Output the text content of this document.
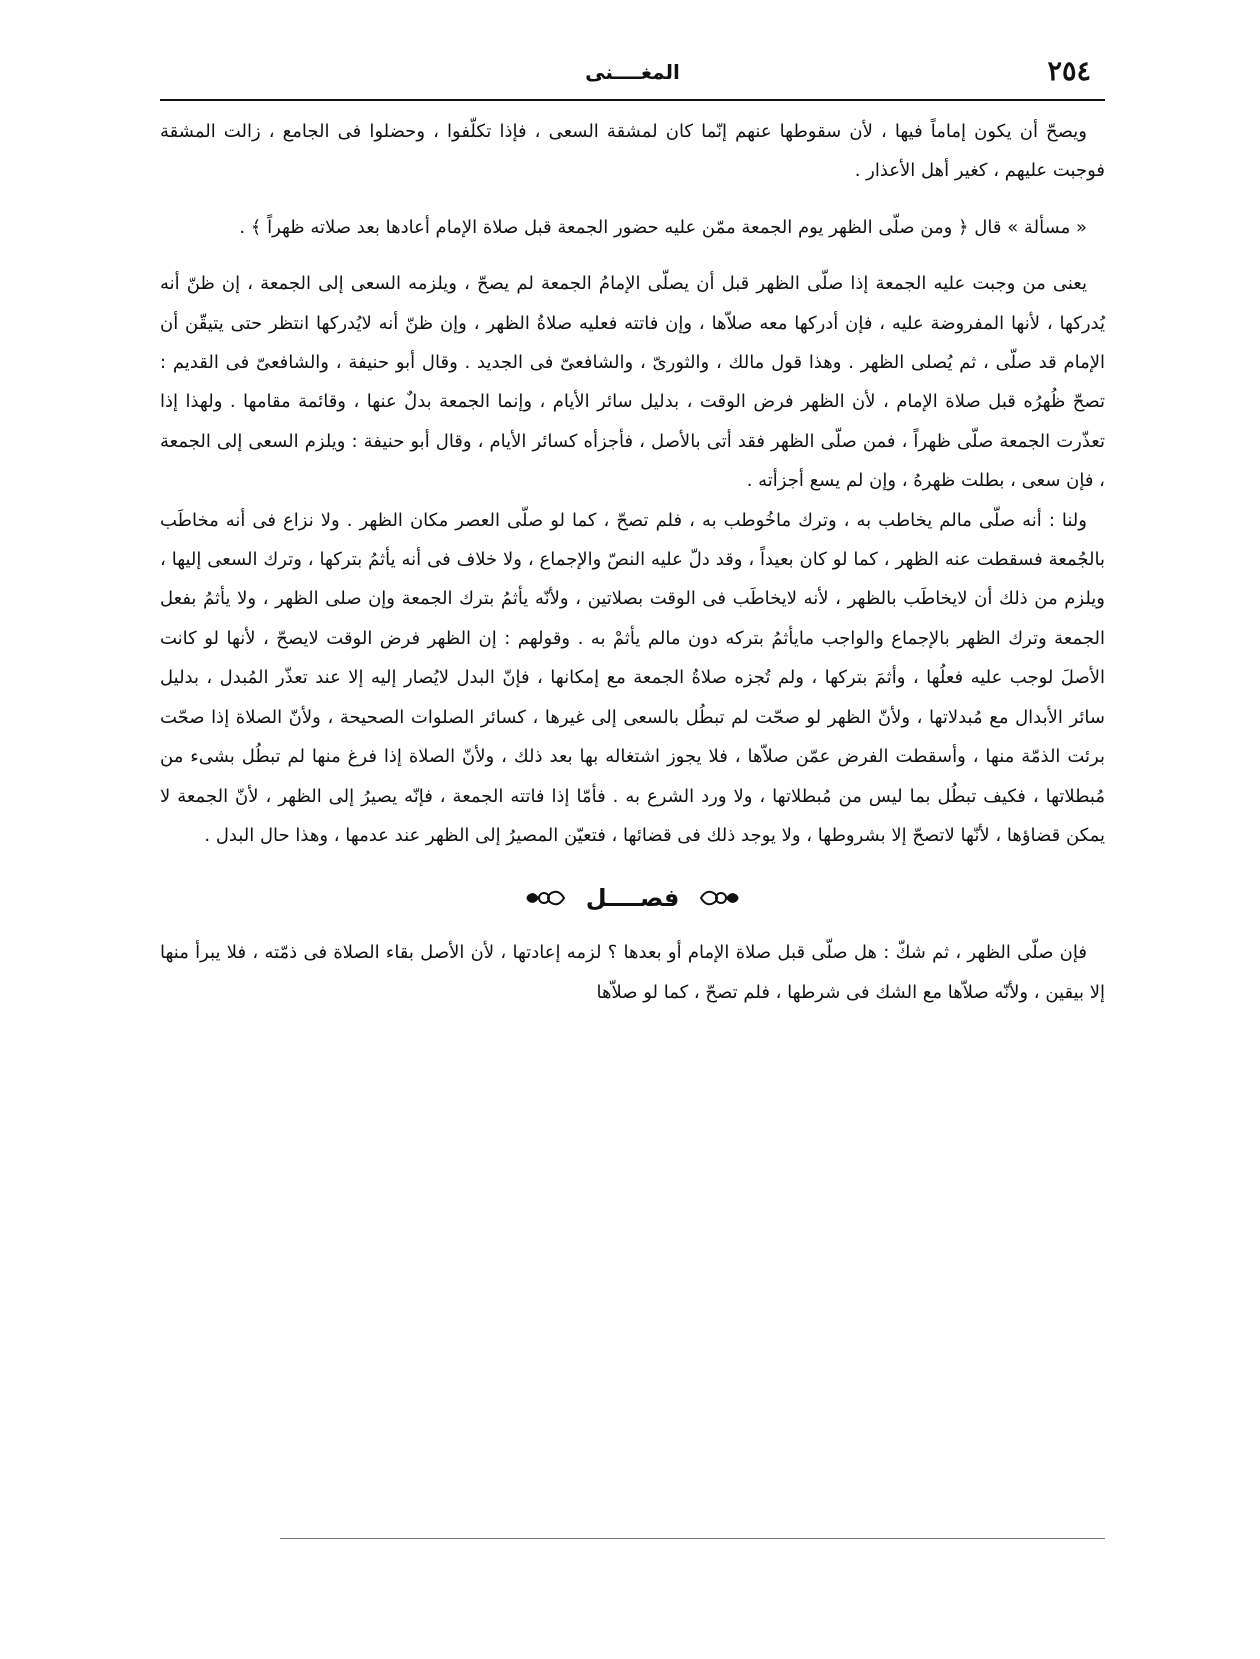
٢٥٤
المغــــنى

ويصحّ أن يكون إماماً فيها ، لأن سقوطها عنهم إنّما كان لمشقة السعى ، فإذا تكلّفوا ، وحضلوا فى الجامع ، زالت المشقة فوجبت عليهم ، كغير أهل الأعذار .

« مسألة » قال ﴿ ومن صلّى الظهر يوم الجمعة ممّن عليه حضور الجمعة قبل صلاة الإمام أعادها بعد صلاته ظهراً ﴾ .

يعنى من وجبت عليه الجمعة إذا صلّى الظهر قبل أن يصلّى الإمامُ الجمعة لم يصحّ ، ويلزمه السعى إلى الجمعة ، إن ظنّ أنه يُدركها ، لأنها المفروضة عليه ، فإن أدركها معه صلاّها ، وإن فاتته فعليه صلاةُ الظهر ، وإن ظنّ أنه لايُدركها انتظر حتى يتيقّن أن الإمام قد صلّى ، ثم يُصلى الظهر . وهذا قول مالك ، والثورىّ ، والشافعىّ فى الجديد . وقال أبو حنيفة ، والشافعىّ فى القديم : تصحّ ظُهرُه قبل صلاة الإمام ، لأن الظهر فرض الوقت ، بدليل سائر الأيام ، وإنما الجمعة بدلٌ عنها ، وقائمة مقامها . ولهذا إذا تعذّرت الجمعة صلّى ظهراً ، فمن صلّى الظهر فقد أتى بالأصل ، فأجزأه كسائر الأيام ، وقال أبو حنيفة : ويلزم السعى إلى الجمعة ، فإن سعى ، بطلت ظهرهُ ، وإن لم يسع أجزأته .

ولنا : أنه صلّى مالم يخاطب به ، وترك ماخُوطب به ، فلم تصحّ ، كما لو صلّى العصر مكان الظهر . ولا نزاع فى أنه مخاطَب بالجُمعة فسقطت عنه الظهر ، كما لو كان بعيداً ، وقد دلّ عليه النصّ والإجماع ، ولا خلاف فى أنه يأثمُ بتركها ، وترك السعى إليها ، ويلزم من ذلك أن لايخاطَب بالظهر ، لأنه لايخاطَب فى الوقت بصلاتين ، ولأنّه يأثمُ بترك الجمعة وإن صلى الظهر ، ولا يأثمُ بفعل الجمعة وترك الظهر بالإجماع والواجب مايأثمُ بتركه دون مالم يأثمْ به . وقولهم : إن الظهر فرض الوقت لايصحّ ، لأنها لو كانت الأصلَ لوجب عليه فعلُها ، وأثمَ بتركها ، ولم تُجزه صلاةُ الجمعة مع إمكانها ، فإنّ البدل لايُصار إليه إلا عند تعذّر المُبدل ، بدليل سائر الأبدال مع مُبدلاتها ، ولأنّ الظهر لو صحّت لم تبطُل بالسعى إلى غيرها ، كسائر الصلوات الصحيحة ، ولأنّ الصلاة إذا صحّت برئت الذمّة منها ، وأسقطت الفرض عمّن صلاّها ، فلا يجوز اشتغاله بها بعد ذلك ، ولأنّ الصلاة إذا فرغ منها لم تبطُل بشىء من مُبطلاتها ، فكيف تبطُل بما ليس من مُبطلاتها ، ولا ورد الشرع به . فأمّا إذا فاتته الجمعة ، فإنّه يصيرُ إلى الظهر ، لأنّ الجمعة لا يمكن قضاؤها ، لأنّها لاتصحّ إلا بشروطها ، ولا يوجد ذلك فى قضائها ، فتعيّن المصيرُ إلى الظهر عند عدمها ، وهذا حال البدل .

فصــــل

فإن صلّى الظهر ، ثم شكّ : هل صلّى قبل صلاة الإمام أو بعدها ؟ لزمه إعادتها ، لأن الأصل بقاء الصلاة فى ذمّته ، فلا يبرأ منها إلا بيقين ، ولأنّه صلاّها مع الشك فى شرطها ، فلم تصحّ ، كما لو صلاّها
